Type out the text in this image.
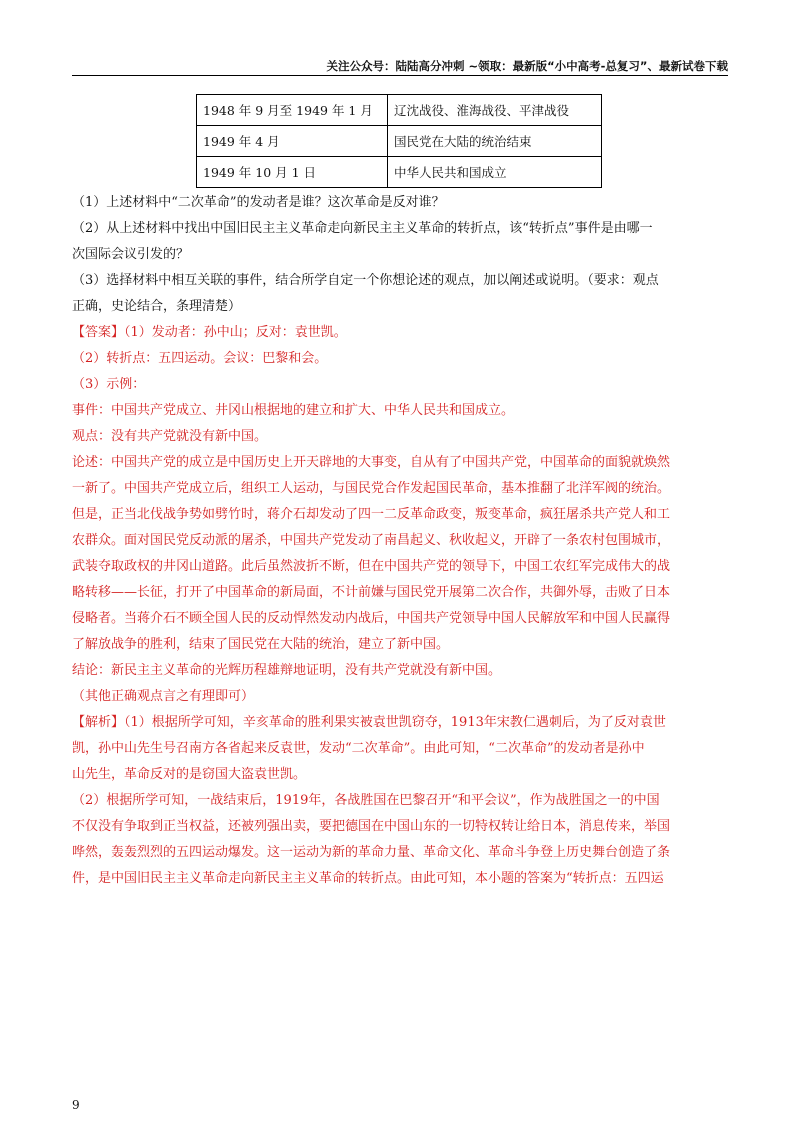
关注公众号：陆陆高分冲刺 ~领取：最新版“小中高考-总复习”、最新试卷下载
1948 年 9 月至 1949 年 1 月	辽沈战役、淮海战役、平津战役
1949 年 4 月	国民党在大陆的统治结束
1949 年 10 月 1 日	中华人民共和国成立

（1）上述材料中“二次革命”的发动者是谁？这次革命是反对谁？

（2）从上述材料中找出中国旧民主主义革命走向新民主主义革命的转折点，该“转折点”事件是由哪一

次国际会议引发的？

（3）选择材料中相互关联的事件，结合所学自定一个你想论述的观点，加以阐述或说明。（要求：观点

正确，史论结合，条理清楚）

【答案】（1）发动者：孙中山；反对：袁世凯。

（2）转折点：五四运动。会议：巴黎和会。

（3）示例：

事件：中国共产党成立、井冈山根据地的建立和扩大、中华人民共和国成立。

观点：没有共产党就没有新中国。

论述：中国共产党的成立是中国历史上开天辟地的大事变，自从有了中国共产党，中国革命的面貌就焕然

一新了。中国共产党成立后，组织工人运动，与国民党合作发起国民革命，基本推翻了北洋军阀的统治。

但是，正当北伐战争势如劈竹时，蒋介石却发动了四一二反革命政变，叛变革命，疯狂屠杀共产党人和工

农群众。面对国民党反动派的屠杀，中国共产党发动了南昌起义、秋收起义，开辟了一条农村包围城市，

武装夺取政权的井冈山道路。此后虽然波折不断，但在中国共产党的领导下，中国工农红军完成伟大的战

略转移——长征，打开了中国革命的新局面，不计前嫌与国民党开展第二次合作，共御外辱，击败了日本

侵略者。当蒋介石不顾全国人民的反动悍然发动内战后，中国共产党领导中国人民解放军和中国人民赢得

了解放战争的胜利，结束了国民党在大陆的统治，建立了新中国。

结论：新民主主义革命的光辉历程雄辩地证明，没有共产党就没有新中国。

（其他正确观点言之有理即可）

【解析】（1）根据所学可知，辛亥革命的胜利果实被袁世凯窃夺，1913年宋教仁遇刺后，为了反对袁世

凯，孙中山先生号召南方各省起来反袁世，发动“二次革命”。由此可知，“二次革命”的发动者是孙中

山先生，革命反对的是窃国大盗袁世凯。

（2）根据所学可知，一战结束后，1919年，各战胜国在巴黎召开“和平会议”，作为战胜国之一的中国

不仅没有争取到正当权益，还被列强出卖，要把德国在中国山东的一切特权转让给日本，消息传来，举国

哗然，轰轰烈烈的五四运动爆发。这一运动为新的革命力量、革命文化、革命斗争登上历史舞台创造了条

件，是中国旧民主主义革命走向新民主主义革命的转折点。由此可知，本小题的答案为“转折点：五四运

9
